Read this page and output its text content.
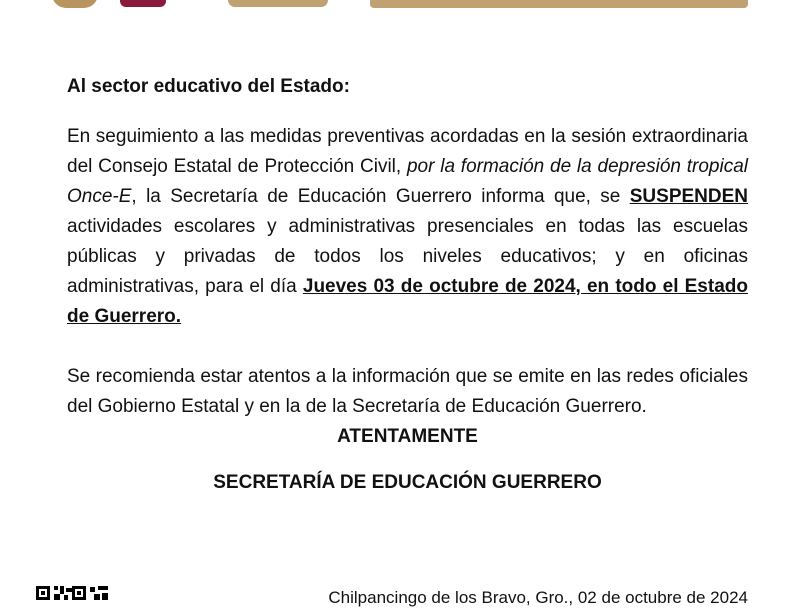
Al sector educativo del Estado:

En seguimiento a las medidas preventivas acordadas en la sesión extraordinaria del Consejo Estatal de Protección Civil, por la formación de la depresión tropical Once-E, la Secretaría de Educación Guerrero informa que, se SUSPENDEN actividades escolares y administrativas presenciales en todas las escuelas públicas y privadas de todos los niveles educativos; y en oficinas administrativas, para el día Jueves 03 de octubre de 2024, en todo el Estado de Guerrero.

Se recomienda estar atentos a la información que se emite en las redes oficiales del Gobierno Estatal y en la de la Secretaría de Educación Guerrero.

ATENTAMENTE

SECRETARÍA DE EDUCACIÓN GUERRERO

Chilpancingo de los Bravo, Gro., 02 de octubre de 2024
